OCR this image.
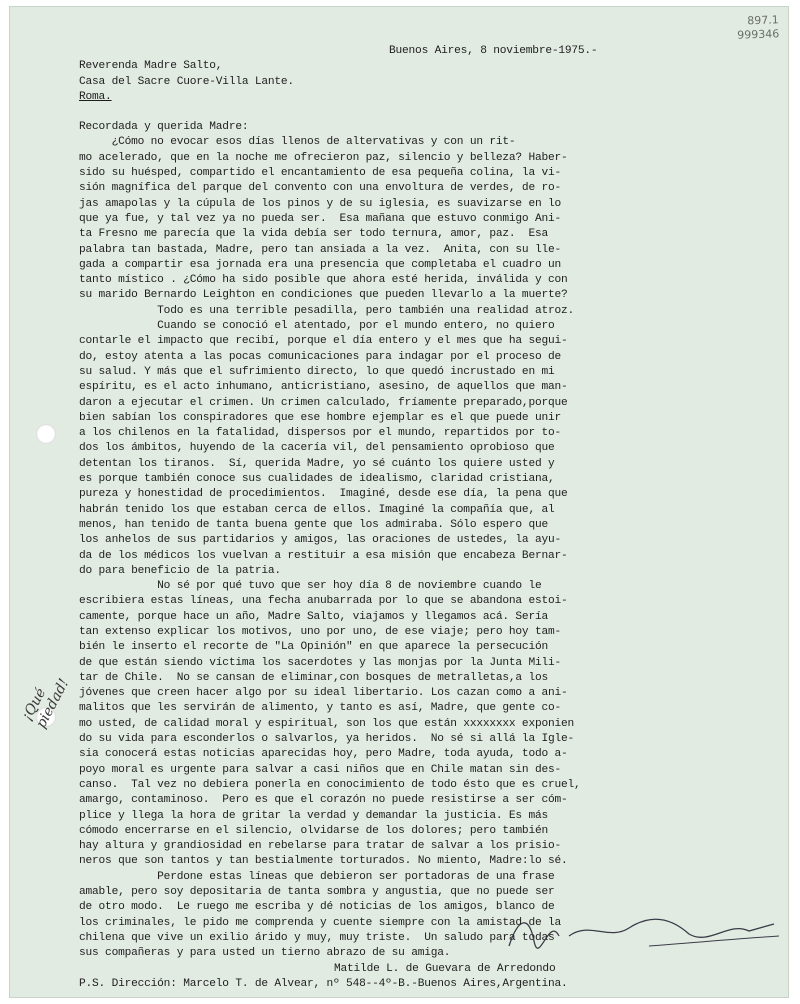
897.1
999346
¡Qué
piedad!
Buenos Aires, 8 noviembre-1975.-
Reverenda Madre Salto,
Casa del Sacre Cuore-Villa Lante.
Roma.
Recordada y querida Madre:
¿Cómo no evocar esos días llenos de altervativas y con un rit-
mo acelerado, que en la noche me ofrecieron paz, silencio y belleza? Haber-
sido su huésped, compartido el encantamiento de esa pequeña colina, la vi-
sión magnífica del parque del convento con una envoltura de verdes, de ro-
jas amapolas y la cúpula de los pinos y de su iglesia, es suavizarse en lo
que ya fue, y tal vez ya no pueda ser.  Esa mañana que estuvo conmigo Ani-
ta Fresno me parecía que la vida debía ser todo ternura, amor, paz.  Esa
palabra tan bastada, Madre, pero tan ansiada a la vez.  Anita, con su lle-
gada a compartir esa jornada era una presencia que completaba el cuadro un
tanto místico . ¿Cómo ha sido posible que ahora esté herida, inválida y con
su marido Bernardo Leighton en condiciones que pueden llevarlo a la muerte?
Todo es una terrible pesadilla, pero también una realidad atroz.
Cuando se conoció el atentado, por el mundo entero, no quiero
contarle el impacto que recibí, porque el día entero y el mes que ha segui-
do, estoy atenta a las pocas comunicaciones para indagar por el proceso de
su salud. Y más que el sufrimiento directo, lo que quedó incrustado en mi
espíritu, es el acto inhumano, anticristiano, asesino, de aquellos que man-
daron a ejecutar el crimen. Un crimen calculado, fríamente preparado,porque
bien sabían los conspiradores que ese hombre ejemplar es el que puede unir
a los chilenos en la fatalidad, dispersos por el mundo, repartidos por to-
dos los ámbitos, huyendo de la cacería vil, del pensamiento oprobioso que
detentan los tiranos.  Sí, querida Madre, yo sé cuánto los quiere usted y
es porque también conoce sus cualidades de idealismo, claridad cristiana,
pureza y honestidad de procedimientos.  Imaginé, desde ese día, la pena que
habrán tenido los que estaban cerca de ellos. Imaginé la compañía que, al
menos, han tenido de tanta buena gente que los admiraba. Sólo espero que
los anhelos de sus partidarios y amigos, las oraciones de ustedes, la ayu-
da de los médicos los vuelvan a restituir a esa misión que encabeza Bernar-
do para beneficio de la patria.
No sé por qué tuvo que ser hoy día 8 de noviembre cuando le
escribiera estas líneas, una fecha anubarrada por lo que se abandona estoi-
camente, porque hace un año, Madre Salto, viajamos y llegamos acá. Sería
tan extenso explicar los motivos, uno por uno, de ese viaje; pero hoy tam-
bién le inserto el recorte de "La Opinión" en que aparece la persecución
de que están siendo víctima los sacerdotes y las monjas por la Junta Mili-
tar de Chile.  No se cansan de eliminar,con bosques de metralletas,a los
jóvenes que creen hacer algo por su ideal libertario. Los cazan como a ani-
malitos que les servirán de alimento, y tanto es así, Madre, que gente co-
mo usted, de calidad moral y espiritual, son los que están xxxxxxxx exponien
do su vida para esconderlos o salvarlos, ya heridos.  No sé si allá la Igle-
sia conocerá estas noticias aparecidas hoy, pero Madre, toda ayuda, todo a-
poyo moral es urgente para salvar a casi niños que en Chile matan sin des-
canso.  Tal vez no debiera ponerla en conocimiento de todo ésto que es cruel,
amargo, contaminoso.  Pero es que el corazón no puede resistirse a ser cóm-
plice y llega la hora de gritar la verdad y demandar la justicia. Es más
cómodo encerrarse en el silencio, olvidarse de los dolores; pero también
hay altura y grandiosidad en rebelarse para tratar de salvar a los prisio-
neros que son tantos y tan bestialmente torturados. No miento, Madre:lo sé.
Perdone estas líneas que debieron ser portadoras de una frase
amable, pero soy depositaria de tanta sombra y angustia, que no puede ser
de otro modo.  Le ruego me escriba y dé noticias de los amigos, blanco de
los criminales, le pido me comprenda y cuente siempre con la amistad de la
chilena que vive un exilio árido y muy, muy triste.  Un saludo para todas
sus compañeras y para usted un tierno abrazo de su amiga.
Matilde L. de Guevara de Arredondo
P.S. Dirección: Marcelo T. de Alvear, nº 548--4º-B.-Buenos Aires,Argentina.
